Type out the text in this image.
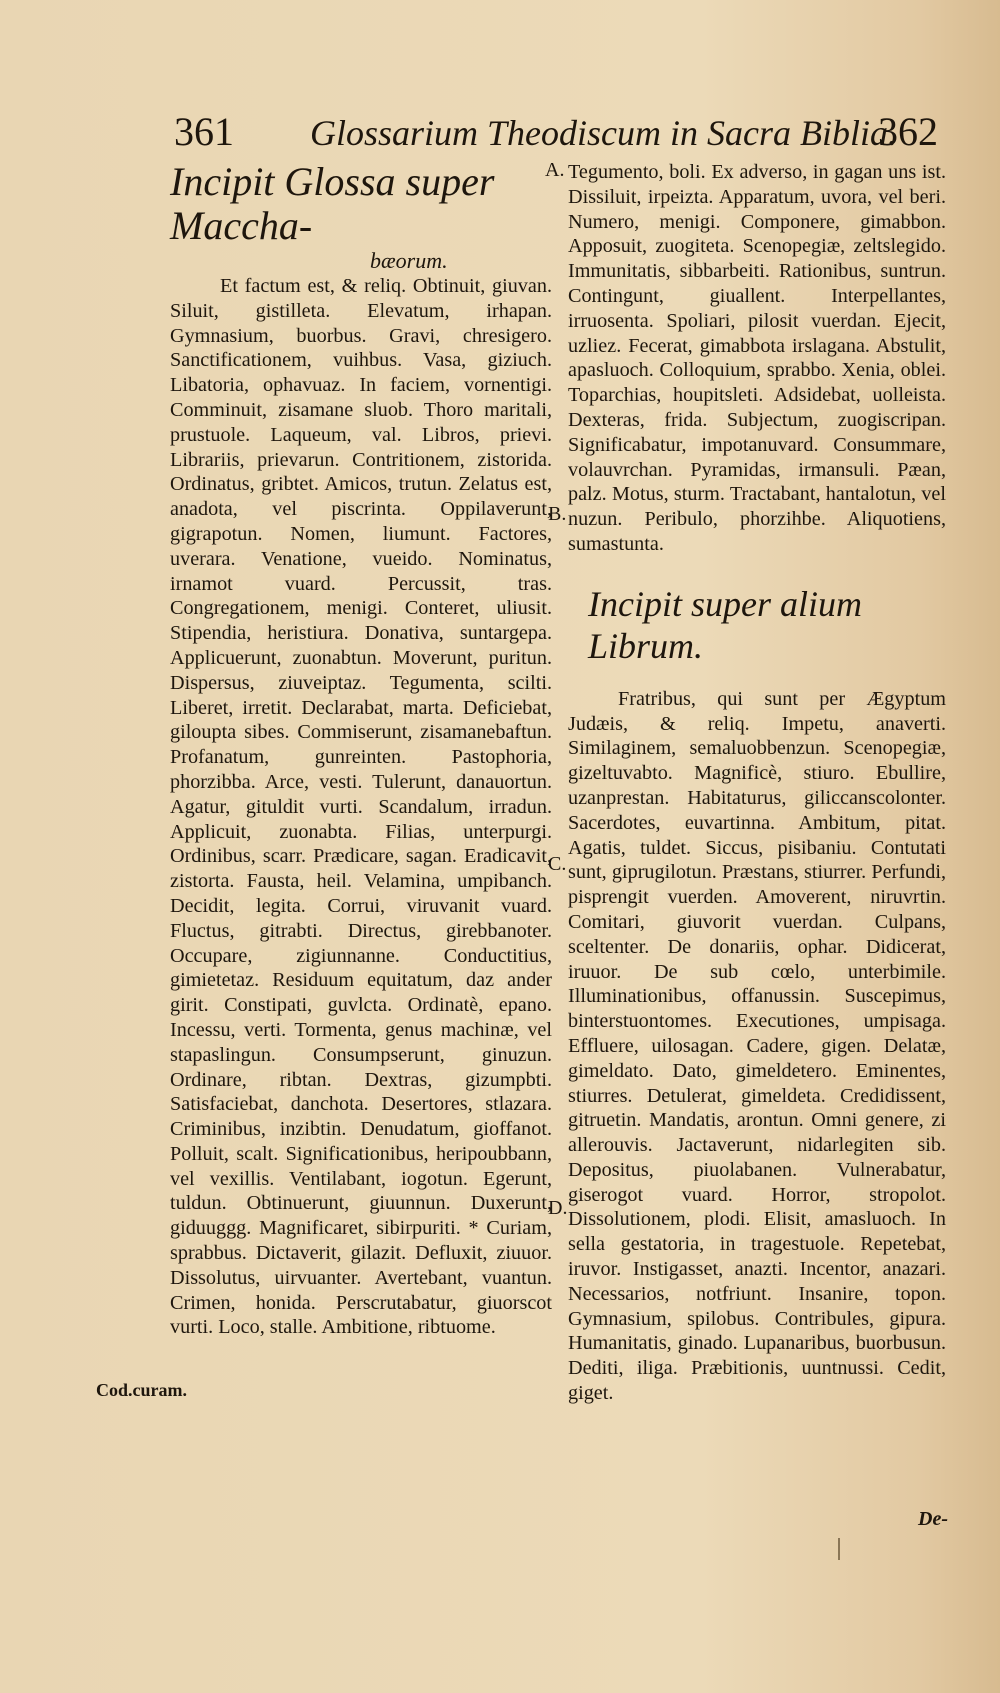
361 Glossarium Theodiscum in Sacra Biblia.
362
Incipit Glossa super Maccha-
bæorum.

Et factum est, & reliq. Obtinuit, giuvan. Siluit, gistilleta. Elevatum, irhapan. Gymnasium, buorbus. Gravi, chresigero. Sanctificationem, vuihbus. Vasa, giziuch. Libatoria, ophavuaz. In faciem, vornentigi. Comminuit, zisamane sluob. Thoro maritali, prustuole. Laqueum, val. Libros, prievi. Librariis, prievarun. Contritionem, zistorida. Ordinatus, gribtet. Amicos, trutun. Zelatus est, anadota, vel piscrinta. Oppilaverunt, gigrapotun. Nomen, liumunt. Factores, uverara. Venatione, vueido. Nominatus, irnamot vuard. Percussit, tras. Congregationem, menigi. Conteret, uliusit. Stipendia, heristiura. Donativa, suntargepa. Applicuerunt, zuonabtun. Moverunt, puritun. Dispersus, ziuveiptaz. Tegumenta, scilti. Liberet, irretit. Declarabat, marta. Deficiebat, giloupta sibes. Commiserunt, zisamanebaftun. Profanatum, gunreinten. Pastophoria, phorzibba. Arce, vesti. Tulerunt, danauortun. Agatur, gituldit vurti. Scandalum, irradun. Applicuit, zuonabta. Filias, unterpurgi. Ordinibus, scarr. Prædicare, sagan. Eradicavit, zistorta. Fausta, heil. Velamina, umpibanch. Decidit, legita. Corrui, viruvanit vuard. Fluctus, gitrabti. Directus, girebbanoter. Occupare, zigiunnanne. Conductitius, gimietetaz. Residuum equitatum, daz ander girit. Constipati, guvlcta. Ordinatè, epano. Incessu, verti. Tormenta, genus machinæ, vel stapaslingun. Consumpserunt, ginuzun. Ordinare, ribtan. Dextras, gizumpbti. Satisfaciebat, danchota. Desertores, stlazara. Criminibus, inzibtin. Denudatum, gioffanot. Polluit, scalt. Significationibus, heripoubbann, vel vexillis. Ventilabant, iogotun. Egerunt, tuldun. Obtinuerunt, giuunnun. Duxerunt, giduuggg. Magnificaret, sibirpuriti. * Curiam, sprabbus. Dictaverit, gilazit. Defluxit, ziuuor. Dissolutus, uirvuanter. Avertebant, vuantun. Crimen, honida. Perscrutabatur, giuorscot vurti. Loco, stalle. Ambitione, ribtuome.

Tegumento, boli. Ex adverso, in gagan uns ist. Dissiluit, irpeizta. Apparatum, uvora, vel beri. Numero, menigi. Componere, gimabbon. Apposuit, zuogiteta. Scenopegiæ, zeltslegido. Immunitatis, sibbarbeiti. Rationibus, suntrun. Contingunt, giuallent. Interpellantes, irruosenta. Spoliari, pilosit vuerdan. Ejecit, uzliez. Fecerat, gimabbota irslagana. Abstulit, apasluoch. Colloquium, sprabbo. Xenia, oblei. Toparchias, houpitsleti. Adsidebat, uolleista. Dexteras, frida. Subjectum, zuogiscripan. Significabatur, impotanuvard. Consummare, volauvrchan. Pyramidas, irmansuli. Pæan, palz. Motus, sturm. Tractabant, hantalotun, vel nuzun. Peribulo, phorzihbe. Aliquotiens, sumastunta.

Incipit super alium Librum.

Fratribus, qui sunt per Ægyptum Judæis, & reliq. Impetu, anaverti. Similaginem, semaluobbenzun. Scenopegiæ, gizeltuvabto. Magnificè, stiuro. Ebullire, uzanprestan. Habitaturus, giliccanscolonter. Sacerdotes, euvartinna. Ambitum, pitat. Agatis, tuldet. Siccus, pisibaniu. Contutati sunt, giprugilotun. Præstans, stiurrer. Perfundi, pisprengit vuerden. Amoverent, niruvrtin. Comitari, giuvorit vuerdan. Culpans, sceltenter. De donariis, ophar. Didicerat, iruuor. De sub cœlo, unterbimile. Illuminationibus, offanussin. Suscepimus, binterstuontomes. Executiones, umpisaga. Effluere, uilosagan. Cadere, gigen. Delatæ, gimeldato. Dato, gimeldetero. Eminentes, stiurres. Detulerat, gimeldeta. Credidissent, gitruetin. Mandatis, arontun. Omni genere, zi allerouvis. Jactaverunt, nidarlegiten sib. Depositus, piuolabanen. Vulnerabatur, giserogot vuard. Horror, stropolot. Dissolutionem, plodi. Elisit, amasluoch. In sella gestatoria, in tragestuole. Repetebat, iruvor. Instigasset, anazti. Incentor, anazari. Necessarios, notfriunt. Insanire, topon. Gymnasium, spilobus. Contribules, gipura. Humanitatis, ginado. Lupanaribus, buorbusun. Dediti, iliga. Præbitionis, uuntnussi. Cedit, giget.

A.
B.
C.
D.
Cod.curam.
De-
